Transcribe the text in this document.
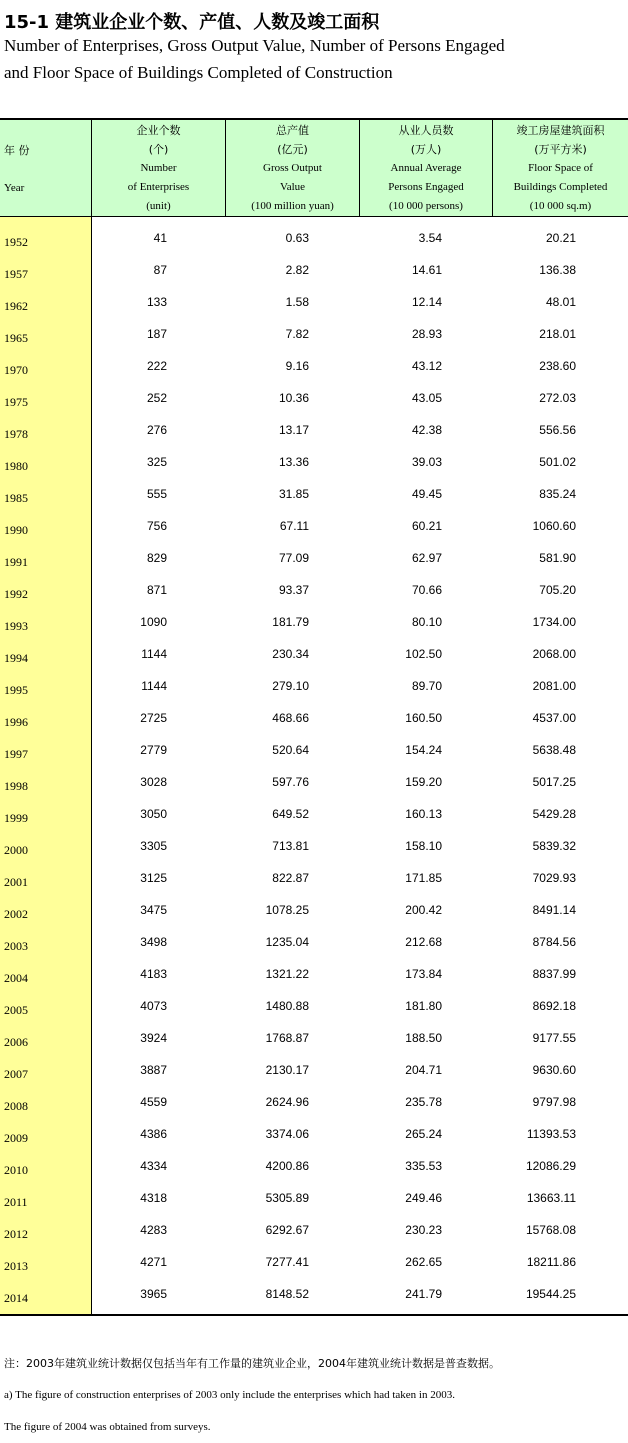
15-1 建筑业企业个数、产值、人数及竣工面积
Number of Enterprises, Gross Output Value, Number of Persons Engaged
and Floor Space of Buildings Completed of Construction
年 份
Year
企业个数
(个)
Number
of Enterprises
(unit)
总产值
(亿元)
Gross Output
Value
(100 million yuan)
从业人员数
(万人)
Annual Average
Persons Engaged
(10 000 persons)
竣工房屋建筑面积
(万平方米)
Floor Space of
Buildings Completed
(10 000 sq.m)
1952	41	0.63	3.54	20.21
1957	87	2.82	14.61	136.38
1962	133	1.58	12.14	48.01
1965	187	7.82	28.93	218.01
1970	222	9.16	43.12	238.60
1975	252	10.36	43.05	272.03
1978	276	13.17	42.38	556.56
1980	325	13.36	39.03	501.02
1985	555	31.85	49.45	835.24
1990	756	67.11	60.21	1060.60
1991	829	77.09	62.97	581.90
1992	871	93.37	70.66	705.20
1993	1090	181.79	80.10	1734.00
1994	1144	230.34	102.50	2068.00
1995	1144	279.10	89.70	2081.00
1996	2725	468.66	160.50	4537.00
1997	2779	520.64	154.24	5638.48
1998	3028	597.76	159.20	5017.25
1999	3050	649.52	160.13	5429.28
2000	3305	713.81	158.10	5839.32
2001	3125	822.87	171.85	7029.93
2002	3475	1078.25	200.42	8491.14
2003	3498	1235.04	212.68	8784.56
2004	4183	1321.22	173.84	8837.99
2005	4073	1480.88	181.80	8692.18
2006	3924	1768.87	188.50	9177.55
2007	3887	2130.17	204.71	9630.60
2008	4559	2624.96	235.78	9797.98
2009	4386	3374.06	265.24	11393.53
2010	4334	4200.86	335.53	12086.29
2011	4318	5305.89	249.46	13663.11
2012	4283	6292.67	230.23	15768.08
2013	4271	7277.41	262.65	18211.86
2014	3965	8148.52	241.79	19544.25
注：2003年建筑业统计数据仅包括当年有工作量的建筑业企业，2004年建筑业统计数据是普查数据。
a) The figure of construction enterprises of 2003 only include the enterprises which had taken in 2003.
The figure of 2004 was obtained from surveys.
